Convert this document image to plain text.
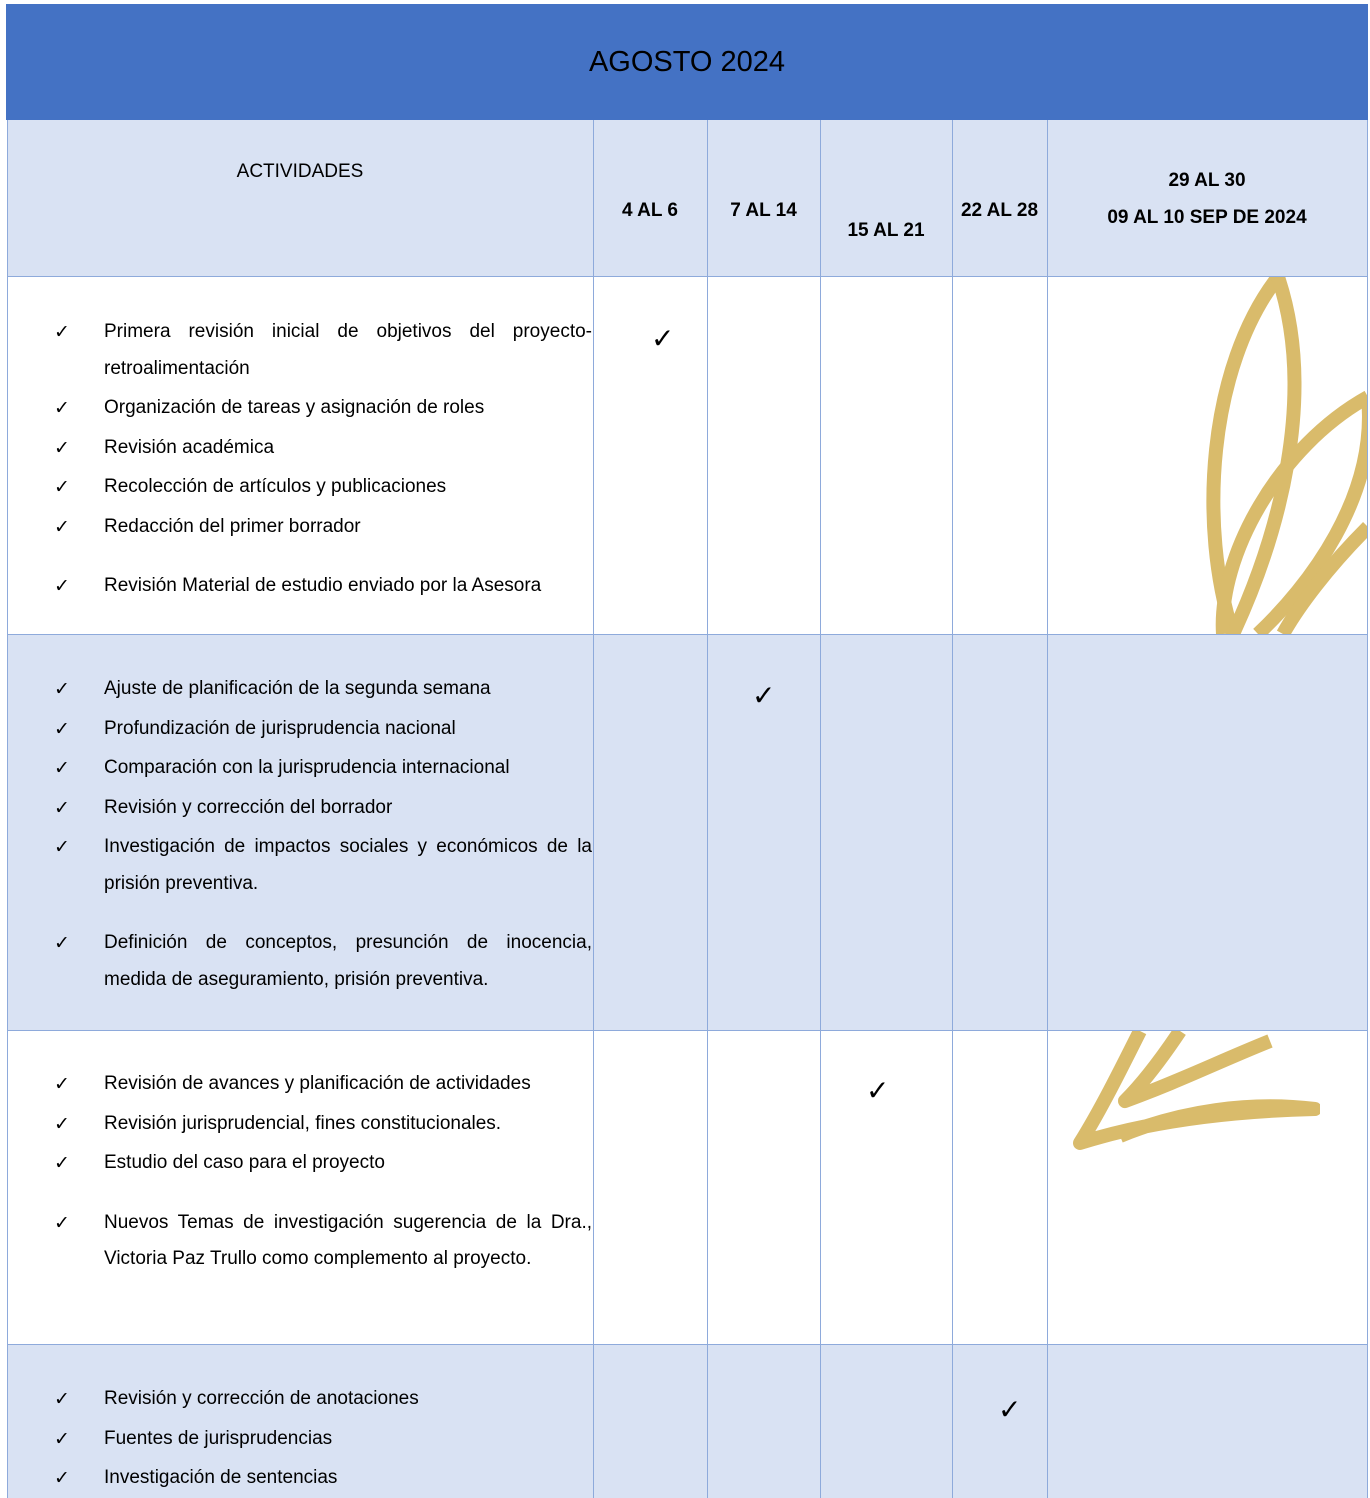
AGOSTO 2024
ACTIVIDADES
4 AL 6	7 AL 14
15 AL 21
22 AL 28
29 AL 30
09 AL 10 SEP DE 2024
✓ Primera revisión inicial de objetivos del proyecto-retroalimentación
✓ Organización de tareas y asignación de roles
✓ Revisión académica
✓ Recolección de artículos y publicaciones
✓ Redacción del primer borrador
✓ Revisión Material de estudio enviado por la Asesora
✓
✓ Ajuste de planificación de la segunda semana
✓ Profundización de jurisprudencia nacional
✓ Comparación con la jurisprudencia internacional
✓ Revisión y corrección del borrador
✓ Investigación de impactos sociales y económicos de la prisión preventiva.
✓ Definición de conceptos, presunción de inocencia, medida de aseguramiento, prisión preventiva.
✓
✓ Revisión de avances y planificación de actividades
✓ Revisión jurisprudencial, fines constitucionales.
✓ Estudio del caso para el proyecto
✓ Nuevos Temas de investigación sugerencia de la Dra., Victoria Paz Trullo como complemento al proyecto.
✓
✓ Revisión y corrección de anotaciones
✓ Fuentes de jurisprudencias
✓ Investigación de sentencias
✓
